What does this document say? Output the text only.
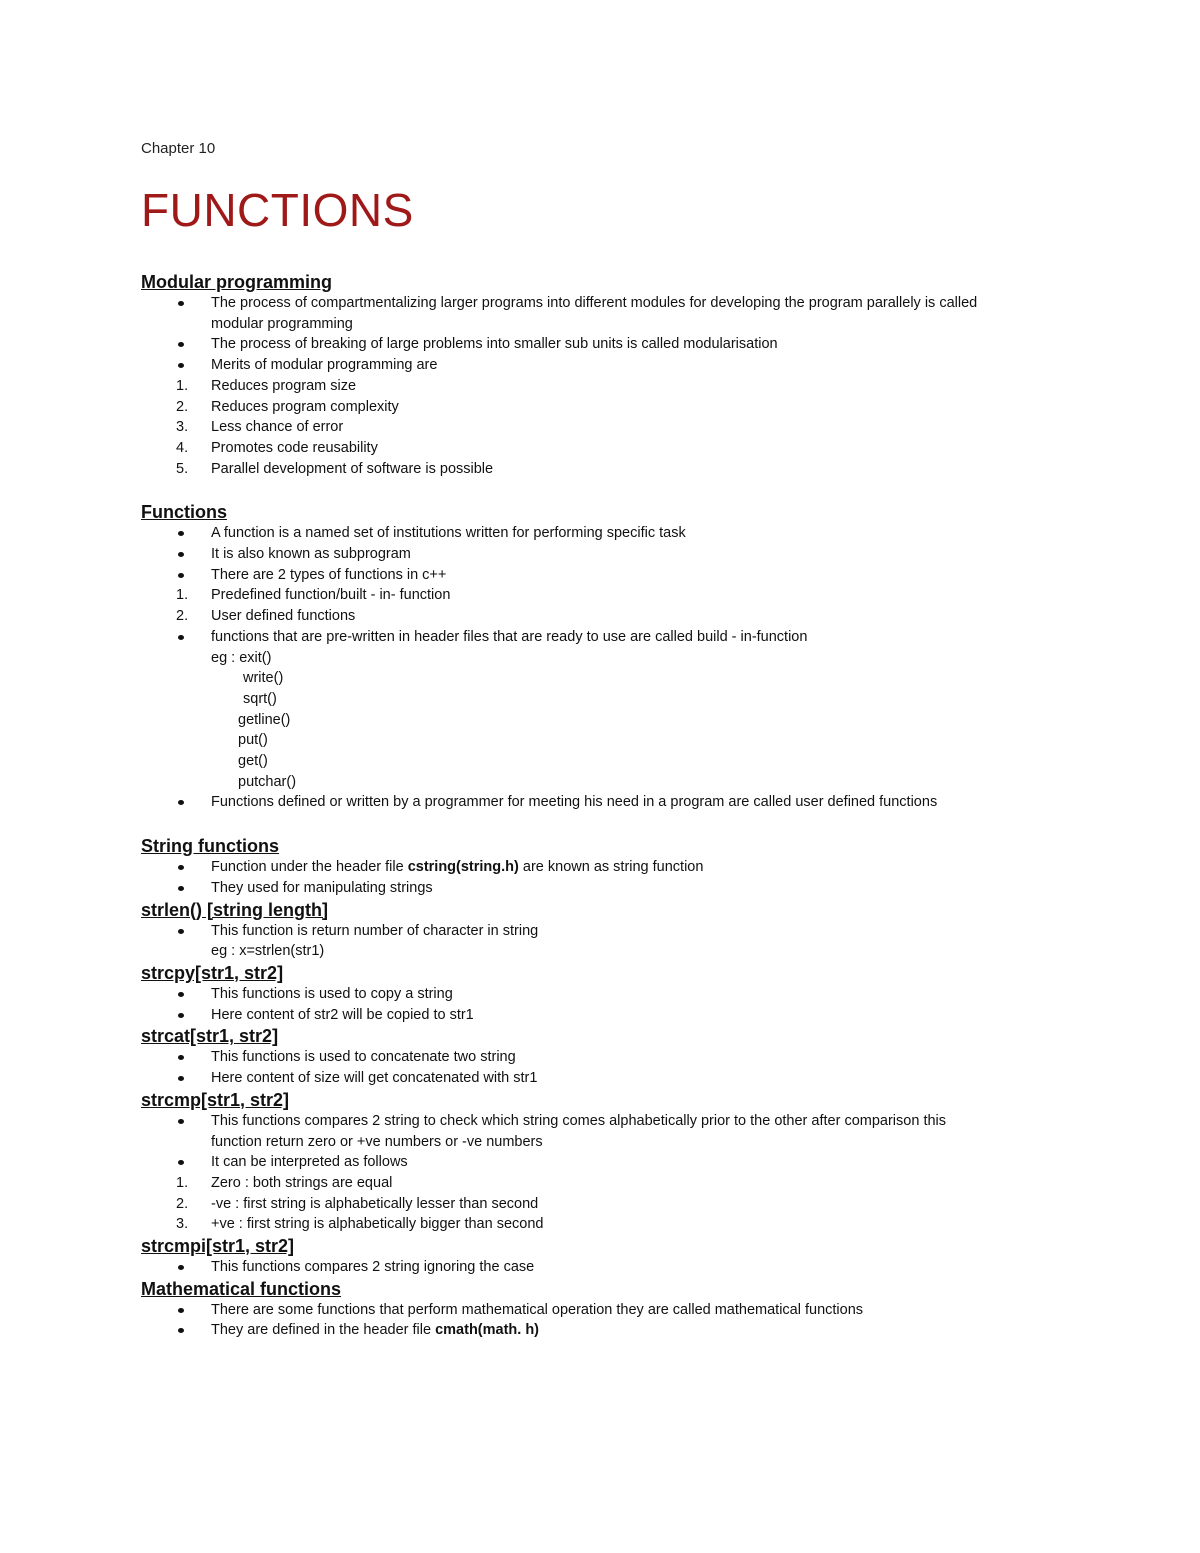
Chapter 10
FUNCTIONS
Modular programming
The process of compartmentalizing larger programs into different modules for developing the program parallely is called
modular programming
The process of breaking of large problems into smaller sub units is called modularisation
Merits of modular programming are
1. Reduces program size
2. Reduces program complexity
3. Less chance of error
4. Promotes code reusability
5. Parallel development of software is possible
Functions
A function is a named set of institutions written for performing specific task
It is also known as subprogram
There are 2 types of functions in c++
1. Predefined function/built - in- function
2. User defined functions
functions that are pre-written in header files that are ready to use are called build - in-function
eg : exit()
write()
sqrt()
getline()
put()
get()
putchar()
Functions defined or written by a programmer for meeting his need in a program are called user defined functions
String functions
Function under the header file cstring(string.h) are known as string function
They used for manipulating strings
strlen() [string length]
This function is return number of character in string
eg : x=strlen(str1)
strcpy[str1, str2]
This functions is used to copy a string
Here content of str2 will be copied to str1
strcat[str1, str2]
This functions is used to concatenate two string
Here content of size will get concatenated with str1
strcmp[str1, str2]
This functions compares 2 string to check which string comes alphabetically prior to the other after comparison this
function return zero or +ve numbers or -ve numbers
It can be interpreted as follows
1. Zero : both strings are equal
2. -ve : first string is alphabetically lesser than second
3. +ve : first string is alphabetically bigger than second
strcmpi[str1, str2]
This functions compares 2 string ignoring the case
Mathematical functions
There are some functions that perform mathematical operation they are called mathematical functions
They are defined in the header file cmath(math. h)
